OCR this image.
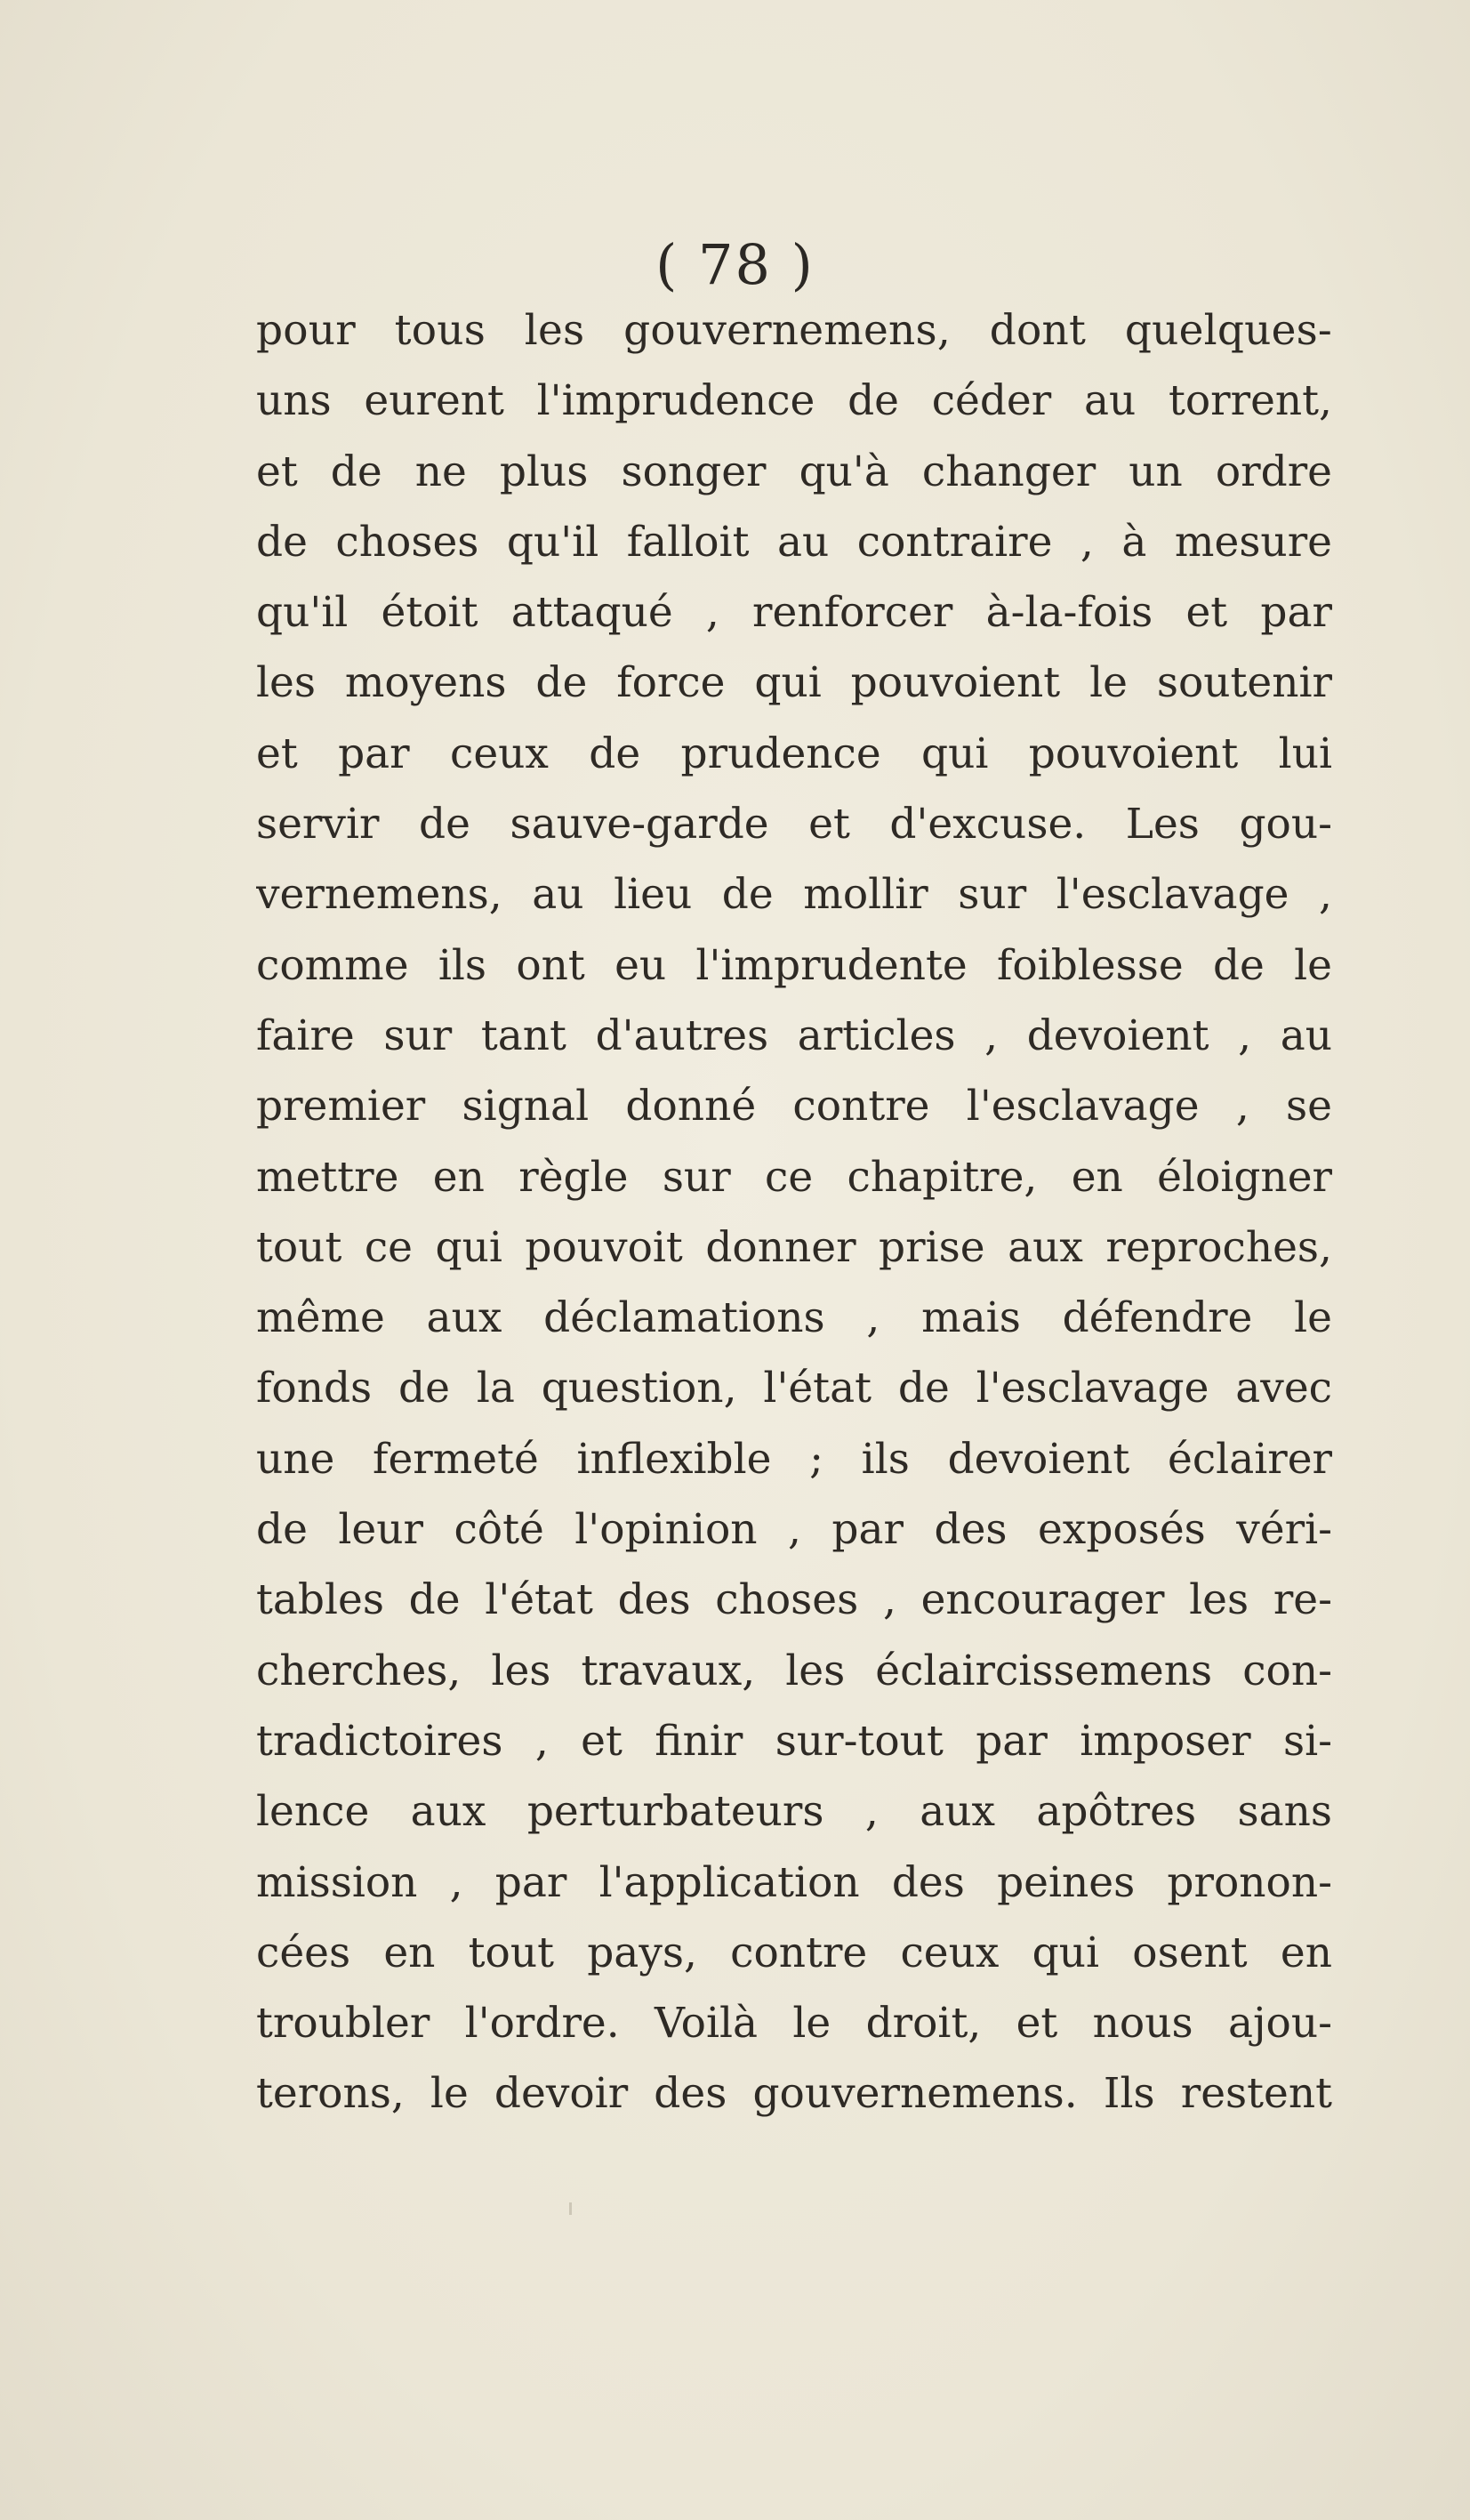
( 78 )
pour tous les gouvernemens, dont quelques-
uns eurent l'imprudence de céder au torrent,
et de ne plus songer qu'à changer un ordre
de choses qu'il falloit au contraire , à mesure
qu'il étoit attaqué , renforcer à-la-fois et par
les moyens de force qui pouvoient le soutenir
et par ceux de prudence qui pouvoient lui
servir de sauve-garde et d'excuse. Les gou-
vernemens, au lieu de mollir sur l'esclavage ,
comme ils ont eu l'imprudente foiblesse de le
faire sur tant d'autres articles , devoient , au
premier signal donné contre l'esclavage , se
mettre en règle sur ce chapitre, en éloigner
tout ce qui pouvoit donner prise aux reproches,
même aux déclamations , mais défendre le
fonds de la question, l'état de l'esclavage avec
une fermeté inflexible ; ils devoient éclairer
de leur côté l'opinion , par des exposés véri-
tables de l'état des choses , encourager les re-
cherches, les travaux, les éclaircissemens con-
tradictoires , et finir sur-tout par imposer si-
lence aux perturbateurs , aux apôtres sans
mission , par l'application des peines pronon-
cées en tout pays, contre ceux qui osent en
troubler l'ordre. Voilà le droit, et nous ajou-
terons, le devoir des gouvernemens. Ils restent
